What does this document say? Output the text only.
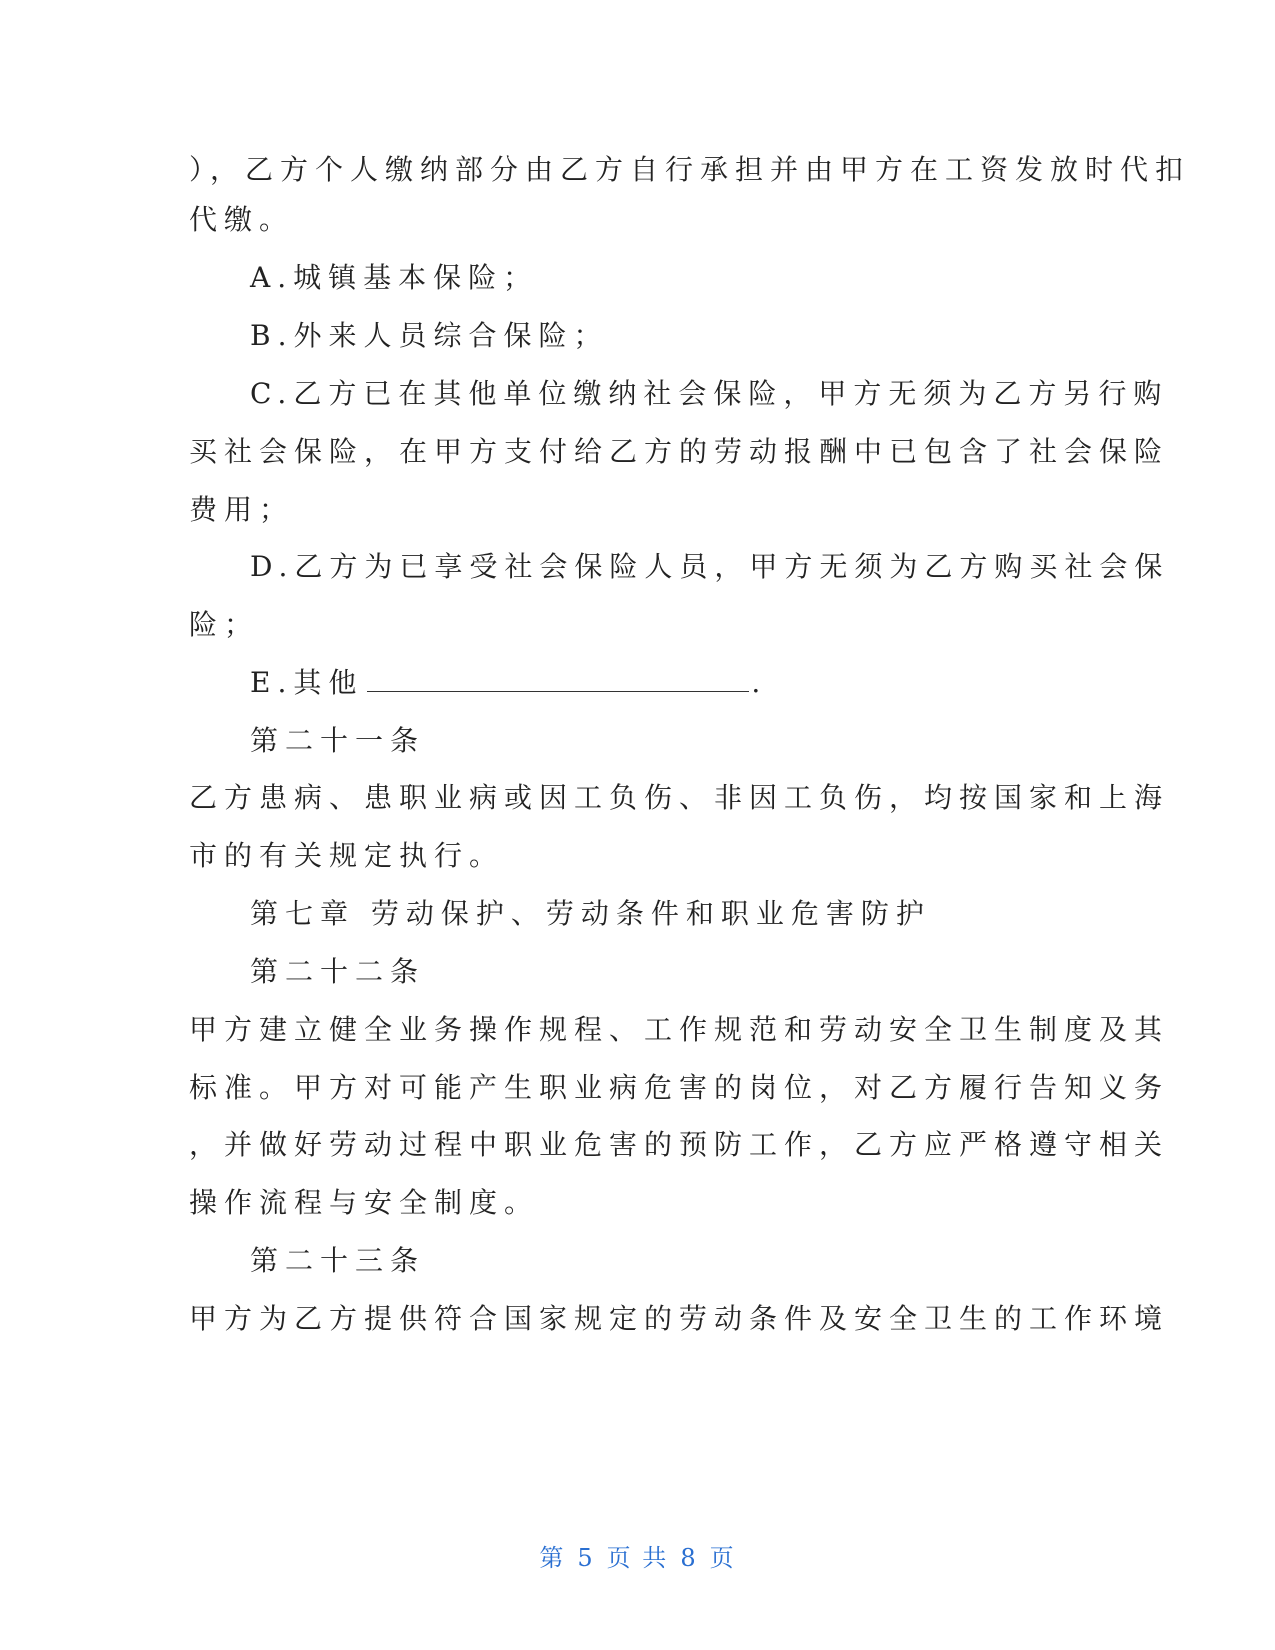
），乙方个人缴纳部分由乙方自行承担并由甲方在工资发放时代扣
代缴。
A.城镇基本保险；
B.外来人员综合保险；
C.乙方已在其他单位缴纳社会保险，甲方无须为乙方另行购
买社会保险，在甲方支付给乙方的劳动报酬中已包含了社会保险
费用；
D.乙方为已享受社会保险人员，甲方无须为乙方购买社会保
险；
E.其他	.
第二十一条
乙方患病、患职业病或因工负伤、非因工负伤，均按国家和上海
市的有关规定执行。
第七章 劳动保护、劳动条件和职业危害防护
第二十二条
甲方建立健全业务操作规程、工作规范和劳动安全卫生制度及其
标准。甲方对可能产生职业病危害的岗位，对乙方履行告知义务
，并做好劳动过程中职业危害的预防工作，乙方应严格遵守相关
操作流程与安全制度。
第二十三条
甲方为乙方提供符合国家规定的劳动条件及安全卫生的工作环境
第 5 页 共 8 页
